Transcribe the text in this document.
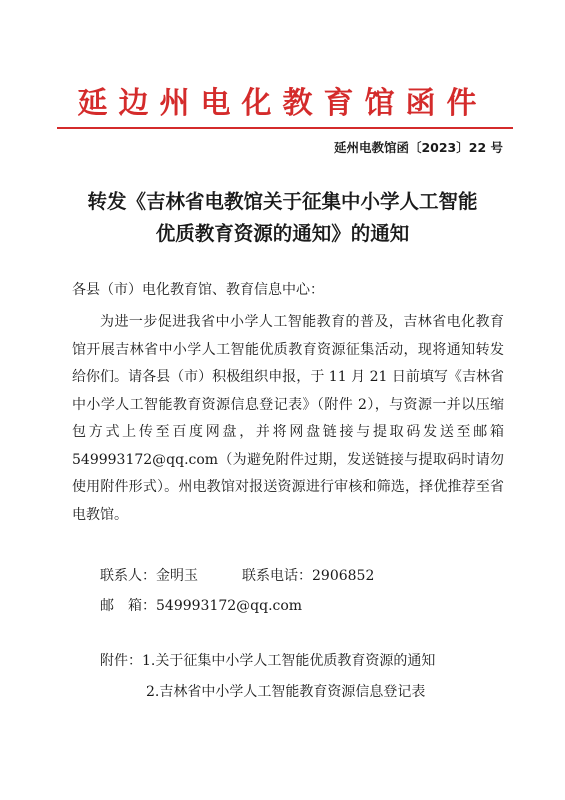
延边州电化教育馆函件
延州电教馆函〔2023〕22 号
转发《吉林省电教馆关于征集中小学人工智能
优质教育资源的通知》的通知

各县（市）电化教育馆、教育信息中心：

为进一步促进我省中小学人工智能教育的普及，吉林省电化教育馆开展吉林省中小学人工智能优质教育资源征集活动，现将通知转发给你们。请各县（市）积极组织申报，于 11 月 21 日前填写《吉林省中小学人工智能教育资源信息登记表》（附件 2），与资源一并以压缩包方式上传至百度网盘，并将网盘链接与提取码发送至邮箱 549993172@qq.com（为避免附件过期，发送链接与提取码时请勿使用附件形式）。州电教馆对报送资源进行审核和筛选，择优推荐至省电教馆。

联系人：金明玉	联系电话：2906852
邮　箱：549993172@qq.com
附件：1.关于征集中小学人工智能优质教育资源的通知
2.吉林省中小学人工智能教育资源信息登记表
